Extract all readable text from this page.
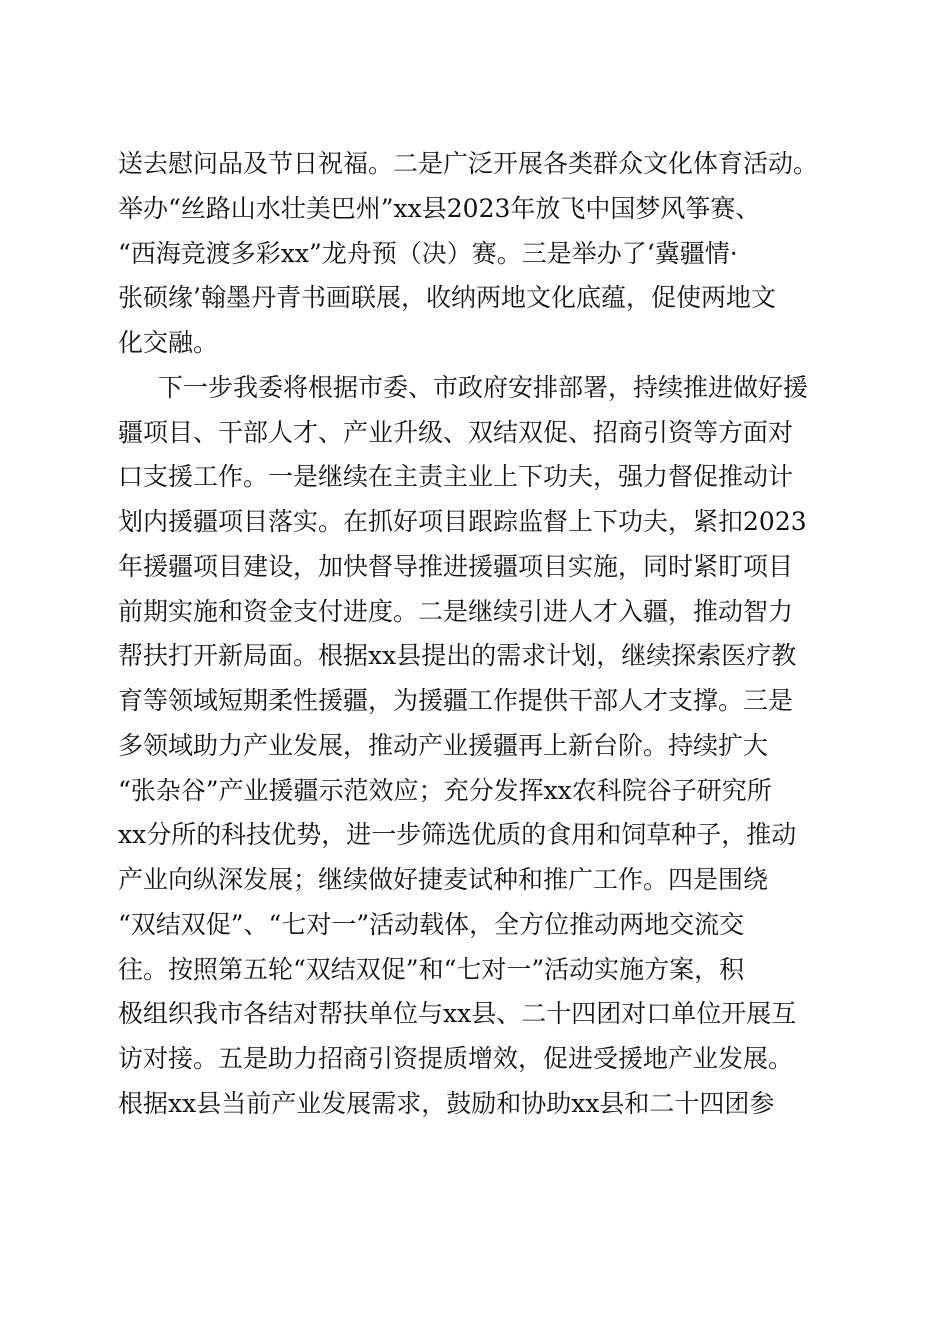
送去慰问品及节日祝福。二是广泛开展各类群众文化体育活动。
举办“丝路山水壮美巴州”xx县2023年放飞中国梦风筝赛、
“西海竞渡多彩xx”龙舟预（决）赛。三是举办了‘冀疆情·
张硕缘’翰墨丹青书画联展，收纳两地文化底蕴，促使两地文
化交融。
下一步我委将根据市委、市政府安排部署，持续推进做好援
疆项目、干部人才、产业升级、双结双促、招商引资等方面对
口支援工作。一是继续在主责主业上下功夫，强力督促推动计
划内援疆项目落实。在抓好项目跟踪监督上下功夫，紧扣2023
年援疆项目建设，加快督导推进援疆项目实施，同时紧盯项目
前期实施和资金支付进度。二是继续引进人才入疆，推动智力
帮扶打开新局面。根据xx县提出的需求计划，继续探索医疗教
育等领域短期柔性援疆，为援疆工作提供干部人才支撑。三是
多领域助力产业发展，推动产业援疆再上新台阶。持续扩大
“张杂谷”产业援疆示范效应；充分发挥xx农科院谷子研究所
xx分所的科技优势，进一步筛选优质的食用和饲草种子，推动
产业向纵深发展；继续做好捷麦试种和推广工作。四是围绕
“双结双促”、“七对一”活动载体，全方位推动两地交流交
往。按照第五轮“双结双促”和“七对一”活动实施方案，积
极组织我市各结对帮扶单位与xx县、二十四团对口单位开展互
访对接。五是助力招商引资提质增效，促进受援地产业发展。
根据xx县当前产业发展需求，鼓励和协助xx县和二十四团参
